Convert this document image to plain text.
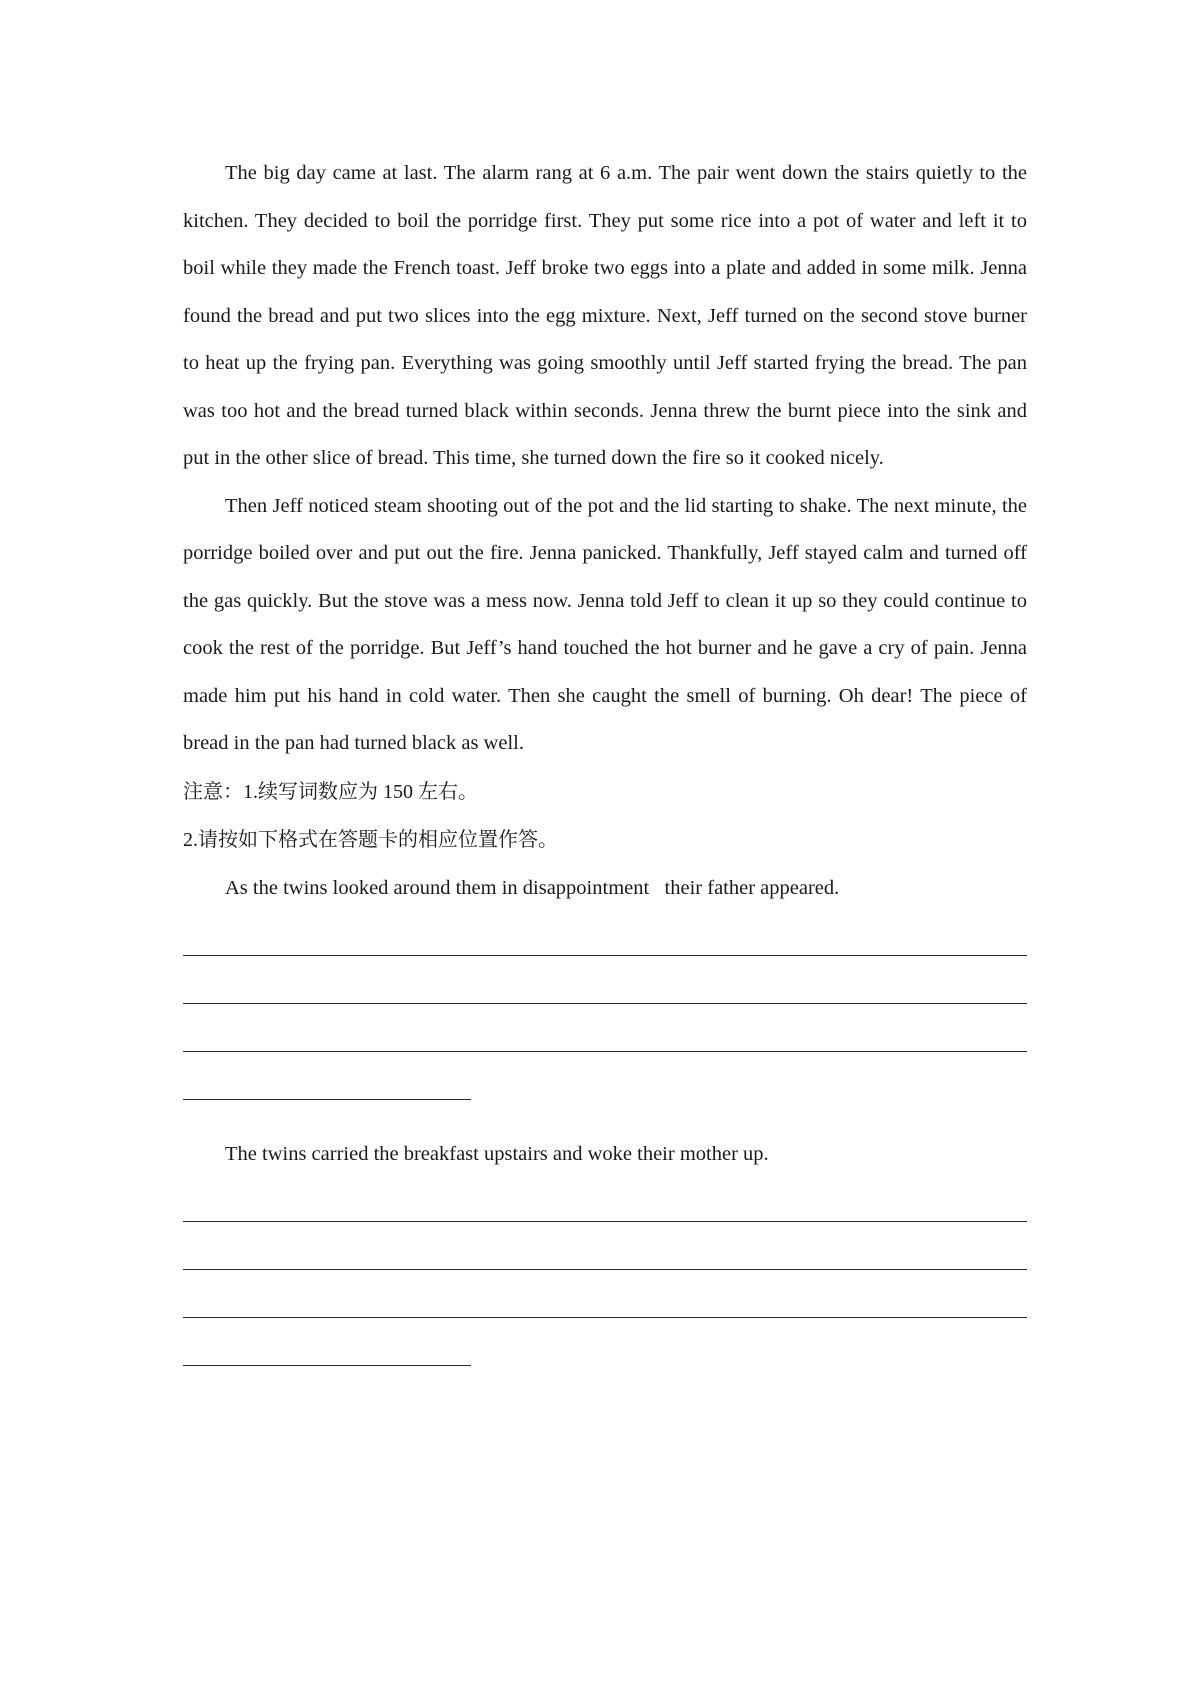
The big day came at last. The alarm rang at 6 a.m. The pair went down the stairs quietly to the kitchen. They decided to boil the porridge first. They put some rice into a pot of water and left it to boil while they made the French toast. Jeff broke two eggs into a plate and added in some milk. Jenna found the bread and put two slices into the egg mixture. Next, Jeff turned on the second stove burner to heat up the frying pan. Everything was going smoothly until Jeff started frying the bread. The pan was too hot and the bread turned black within seconds. Jenna threw the burnt piece into the sink and put in the other slice of bread. This time, she turned down the fire so it cooked nicely.

Then Jeff noticed steam shooting out of the pot and the lid starting to shake. The next minute, the porridge boiled over and put out the fire. Jenna panicked. Thankfully, Jeff stayed calm and turned off the gas quickly. But the stove was a mess now. Jenna told Jeff to clean it up so they could continue to cook the rest of the porridge. But Jeff’s hand touched the hot burner and he gave a cry of pain. Jenna made him put his hand in cold water. Then she caught the smell of burning. Oh dear! The piece of bread in the pan had turned black as well.

注意：1.续写词数应为 150 左右。

2.请按如下格式在答题卡的相应位置作答。

As the twins looked around them in disappointment   their father appeared.

The twins carried the breakfast upstairs and woke their mother up.
